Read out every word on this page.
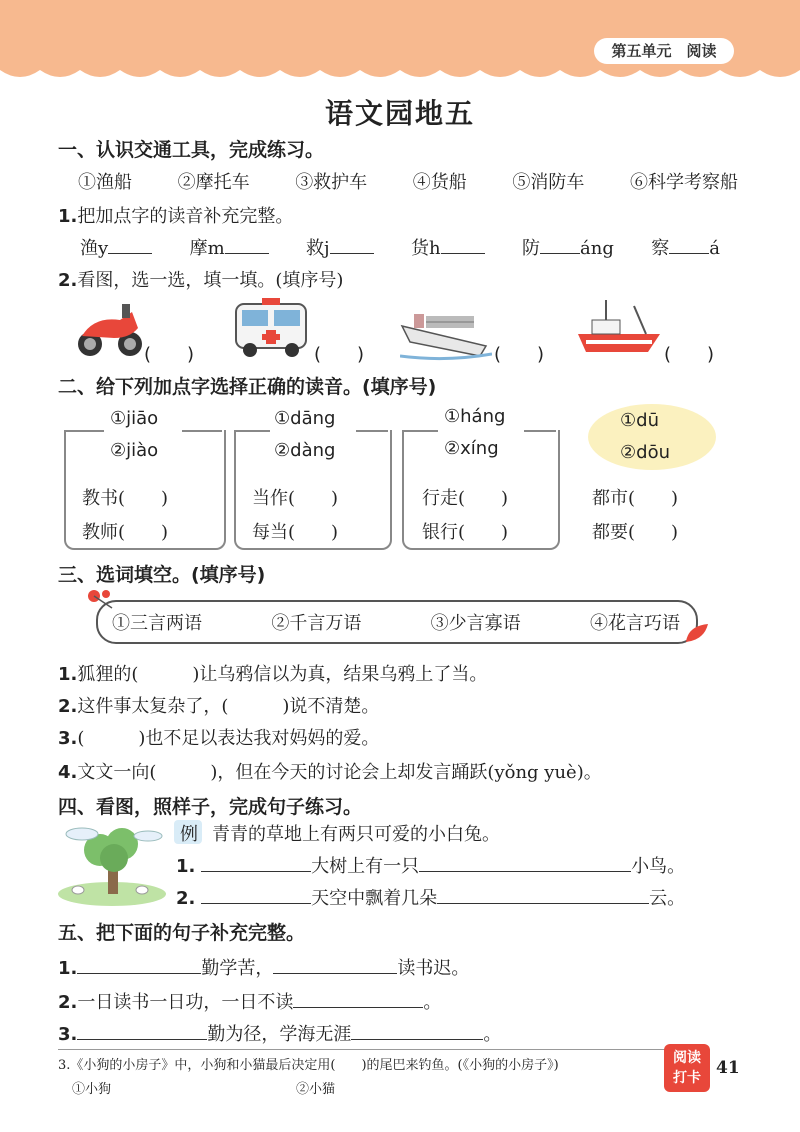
第五单元　阅读
语文园地五
一、认识交通工具，完成练习。
①渔船	②摩托车	③救护车	④货船	⑤消防车	⑥科学考察船
1.把加点字的读音补充完整。
渔y	摩m	救j	货h	防 áng 察 á
2.看图，选一选，填一填。(填序号)
(　　)	(　　)	(　　)	(　　)
二、给下列加点字选择正确的读音。(填序号)
①jiāo
②jiào
教书(　　)
教师(　　)
①dāng
②dàng
当作(　　)
每当(　　)
①háng
②xíng
行走(　　)
银行(　　)
①dū
②dōu
都市(　　)
都要(　　)
三、选词填空。(填序号)
①三言两语	②千言万语	③少言寡语	④花言巧语
1.狐狸的(　　　)让乌鸦信以为真，结果乌鸦上了当。
2.这件事太复杂了，(　　　)说不清楚。
3.(　　　)也不足以表达我对妈妈的爱。
4.文文一向(　　　)，但在今天的讨论会上却发言踊跃(yǒng yuè)。
四、看图，照样子，完成句子练习。
例 青青的草地上有两只可爱的小白兔。
1.	大树上有一只	小鸟。
2.	天空中飘着几朵	云。
五、把下面的句子补充完整。
1.	勤学苦，	读书迟。
2.一日读书一日功，一日不读	。
3.	勤为径，学海无涯	。
3.《小狗的小房子》中，小狗和小猫最后决定用(　　)的尾巴来钓鱼。(《小狗的小房子》)
①小狗	②小猫
阅读
打卡 41
